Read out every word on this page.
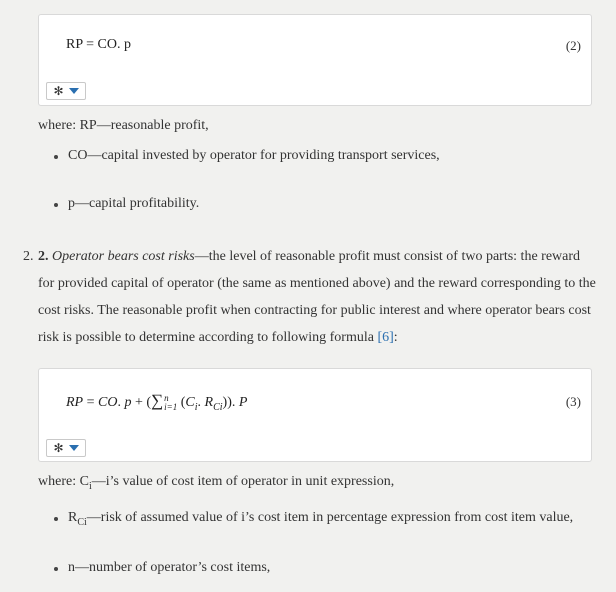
RP = CO. p	(2)
✻
where: RP—reasonable profit,
CO—capital invested by operator for providing transport services,
p—capital profitability.
2. 2. Operator bears cost risks—the level of reasonable profit must consist of two parts: the reward for provided capital of operator (the same as mentioned above) and the reward corresponding to the cost risks. The reasonable profit when contracting for public interest and where operator bears cost risk is possible to determine according to following formula [6]:
RP = CO. p + (∑n
i=1 ($C_i$. $R_{Ci}$)). P	(3)
✻
where: $C_i—i’s$ value of cost item of operator in unit expression,
$R_{Ci}—risk$ of assumed value of i’s cost item in percentage expression from cost item value,
n—number of operator’s cost items,
